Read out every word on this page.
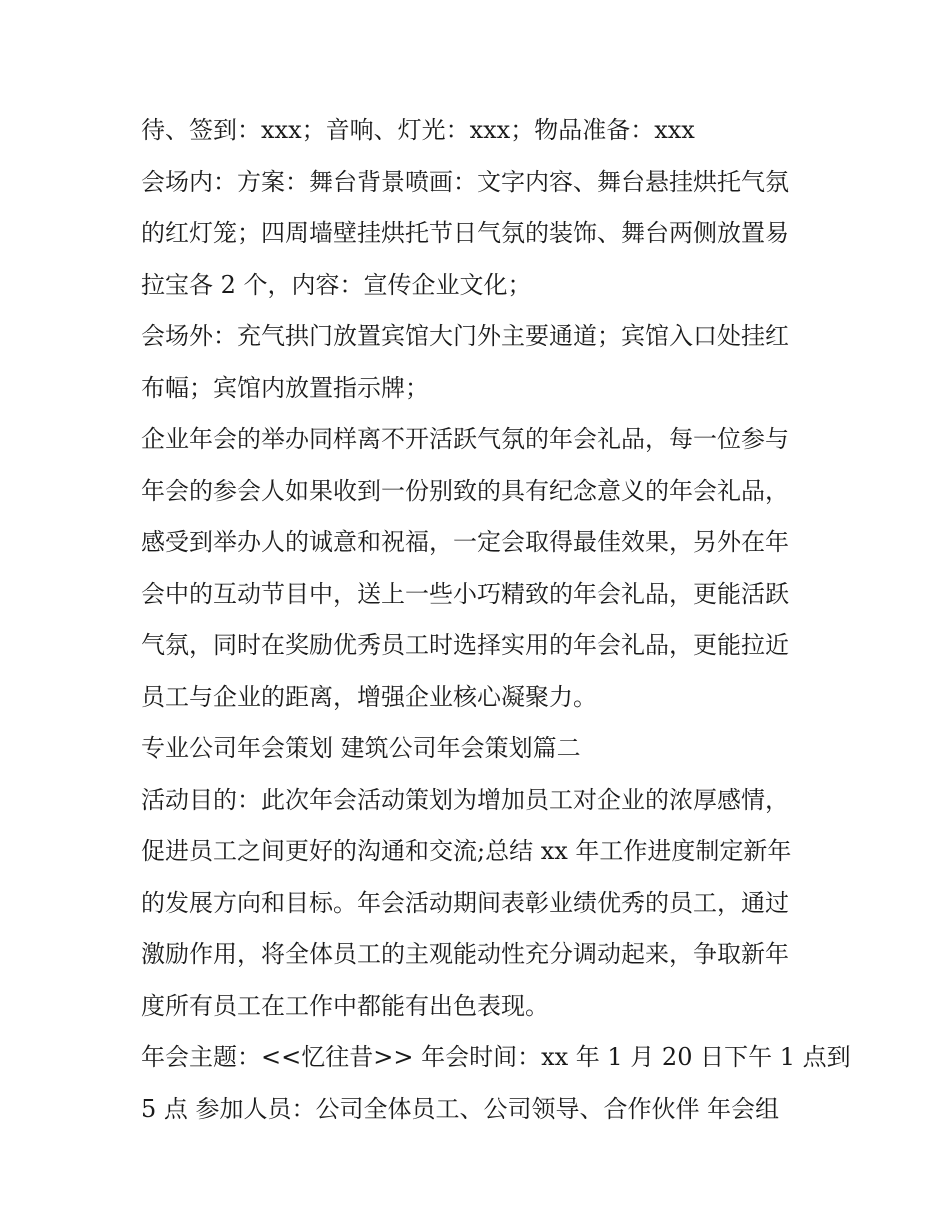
待、签到：xxx；音响、灯光：xxx；物品准备：xxx
会场内：方案：舞台背景喷画：文字内容、舞台悬挂烘托气氛
的红灯笼；四周墙壁挂烘托节日气氛的装饰、舞台两侧放置易
拉宝各 2 个，内容：宣传企业文化；
会场外：充气拱门放置宾馆大门外主要通道；宾馆入口处挂红
布幅；宾馆内放置指示牌；
企业年会的举办同样离不开活跃气氛的年会礼品，每一位参与
年会的参会人如果收到一份别致的具有纪念意义的年会礼品，
感受到举办人的诚意和祝福，一定会取得最佳效果，另外在年
会中的互动节目中，送上一些小巧精致的年会礼品，更能活跃
气氛，同时在奖励优秀员工时选择实用的年会礼品，更能拉近
员工与企业的距离，增强企业核心凝聚力。
专业公司年会策划 建筑公司年会策划篇二
活动目的：此次年会活动策划为增加员工对企业的浓厚感情，
促进员工之间更好的沟通和交流;总结 xx 年工作进度制定新年
的发展方向和目标。年会活动期间表彰业绩优秀的员工，通过
激励作用，将全体员工的主观能动性充分调动起来，争取新年
度所有员工在工作中都能有出色表现。
年会主题：<<忆往昔>> 年会时间：xx 年 1 月 20 日下午 1 点到
5 点 参加人员：公司全体员工、公司领导、合作伙伴 年会组
